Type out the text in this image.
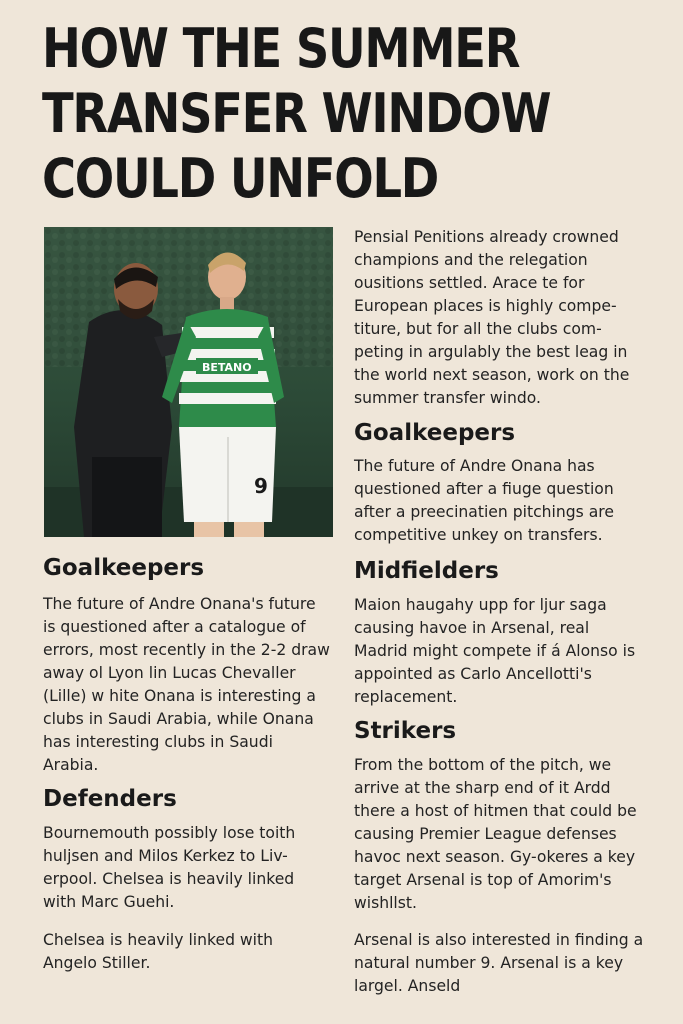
HOW THE SUMMER
TRANSFER WINDOW
COULD UNFOLD
BETANO
9
Goalkeepers

The future of Andre Onana's future is questioned after a catalogue of errors, most recently in the 2-2 draw away ol Lyon lin Lucas Chevaller (Lille) w hite Onana is interesting a clubs in Saudi Arabia, while Onana has interesting clubs in Saudi Arabia.

Defenders

Bournemouth possibly lose toith huljsen and Milos Kerkez to Liv-erpool. Chelsea is heavily linked with Marc Guehi.

Chelsea is heavily linked with Angelo Stiller.

Pensial Penitions already crowned champions and the relegation ousitions settled. Arace te for European places is highly compe-titure, but for all the clubs com-peting in argulably the best leag in the world next season, work on the summer transfer windo.

Goalkeepers

The future of Andre Onana has questioned after a fiuge question after a preecinatien pitchings are competitive unkey on transfers.

Midfielders

Maion haugahy upp for ljur saga causing havoe in Arsenal, real Madrid might compete if á Alonso is appointed as Carlo Ancellotti's replacement.

Strikers

From the bottom of the pitch, we arrive at the sharp end of it Ardd there a host of hitmen that could be causing Premier League defenses havoc next season. Gy-okeres a key target Arsenal is top of Amorim's wishllst.

Arsenal is also interested in finding a natural number 9. Arsenal is a key largel. Anseld
